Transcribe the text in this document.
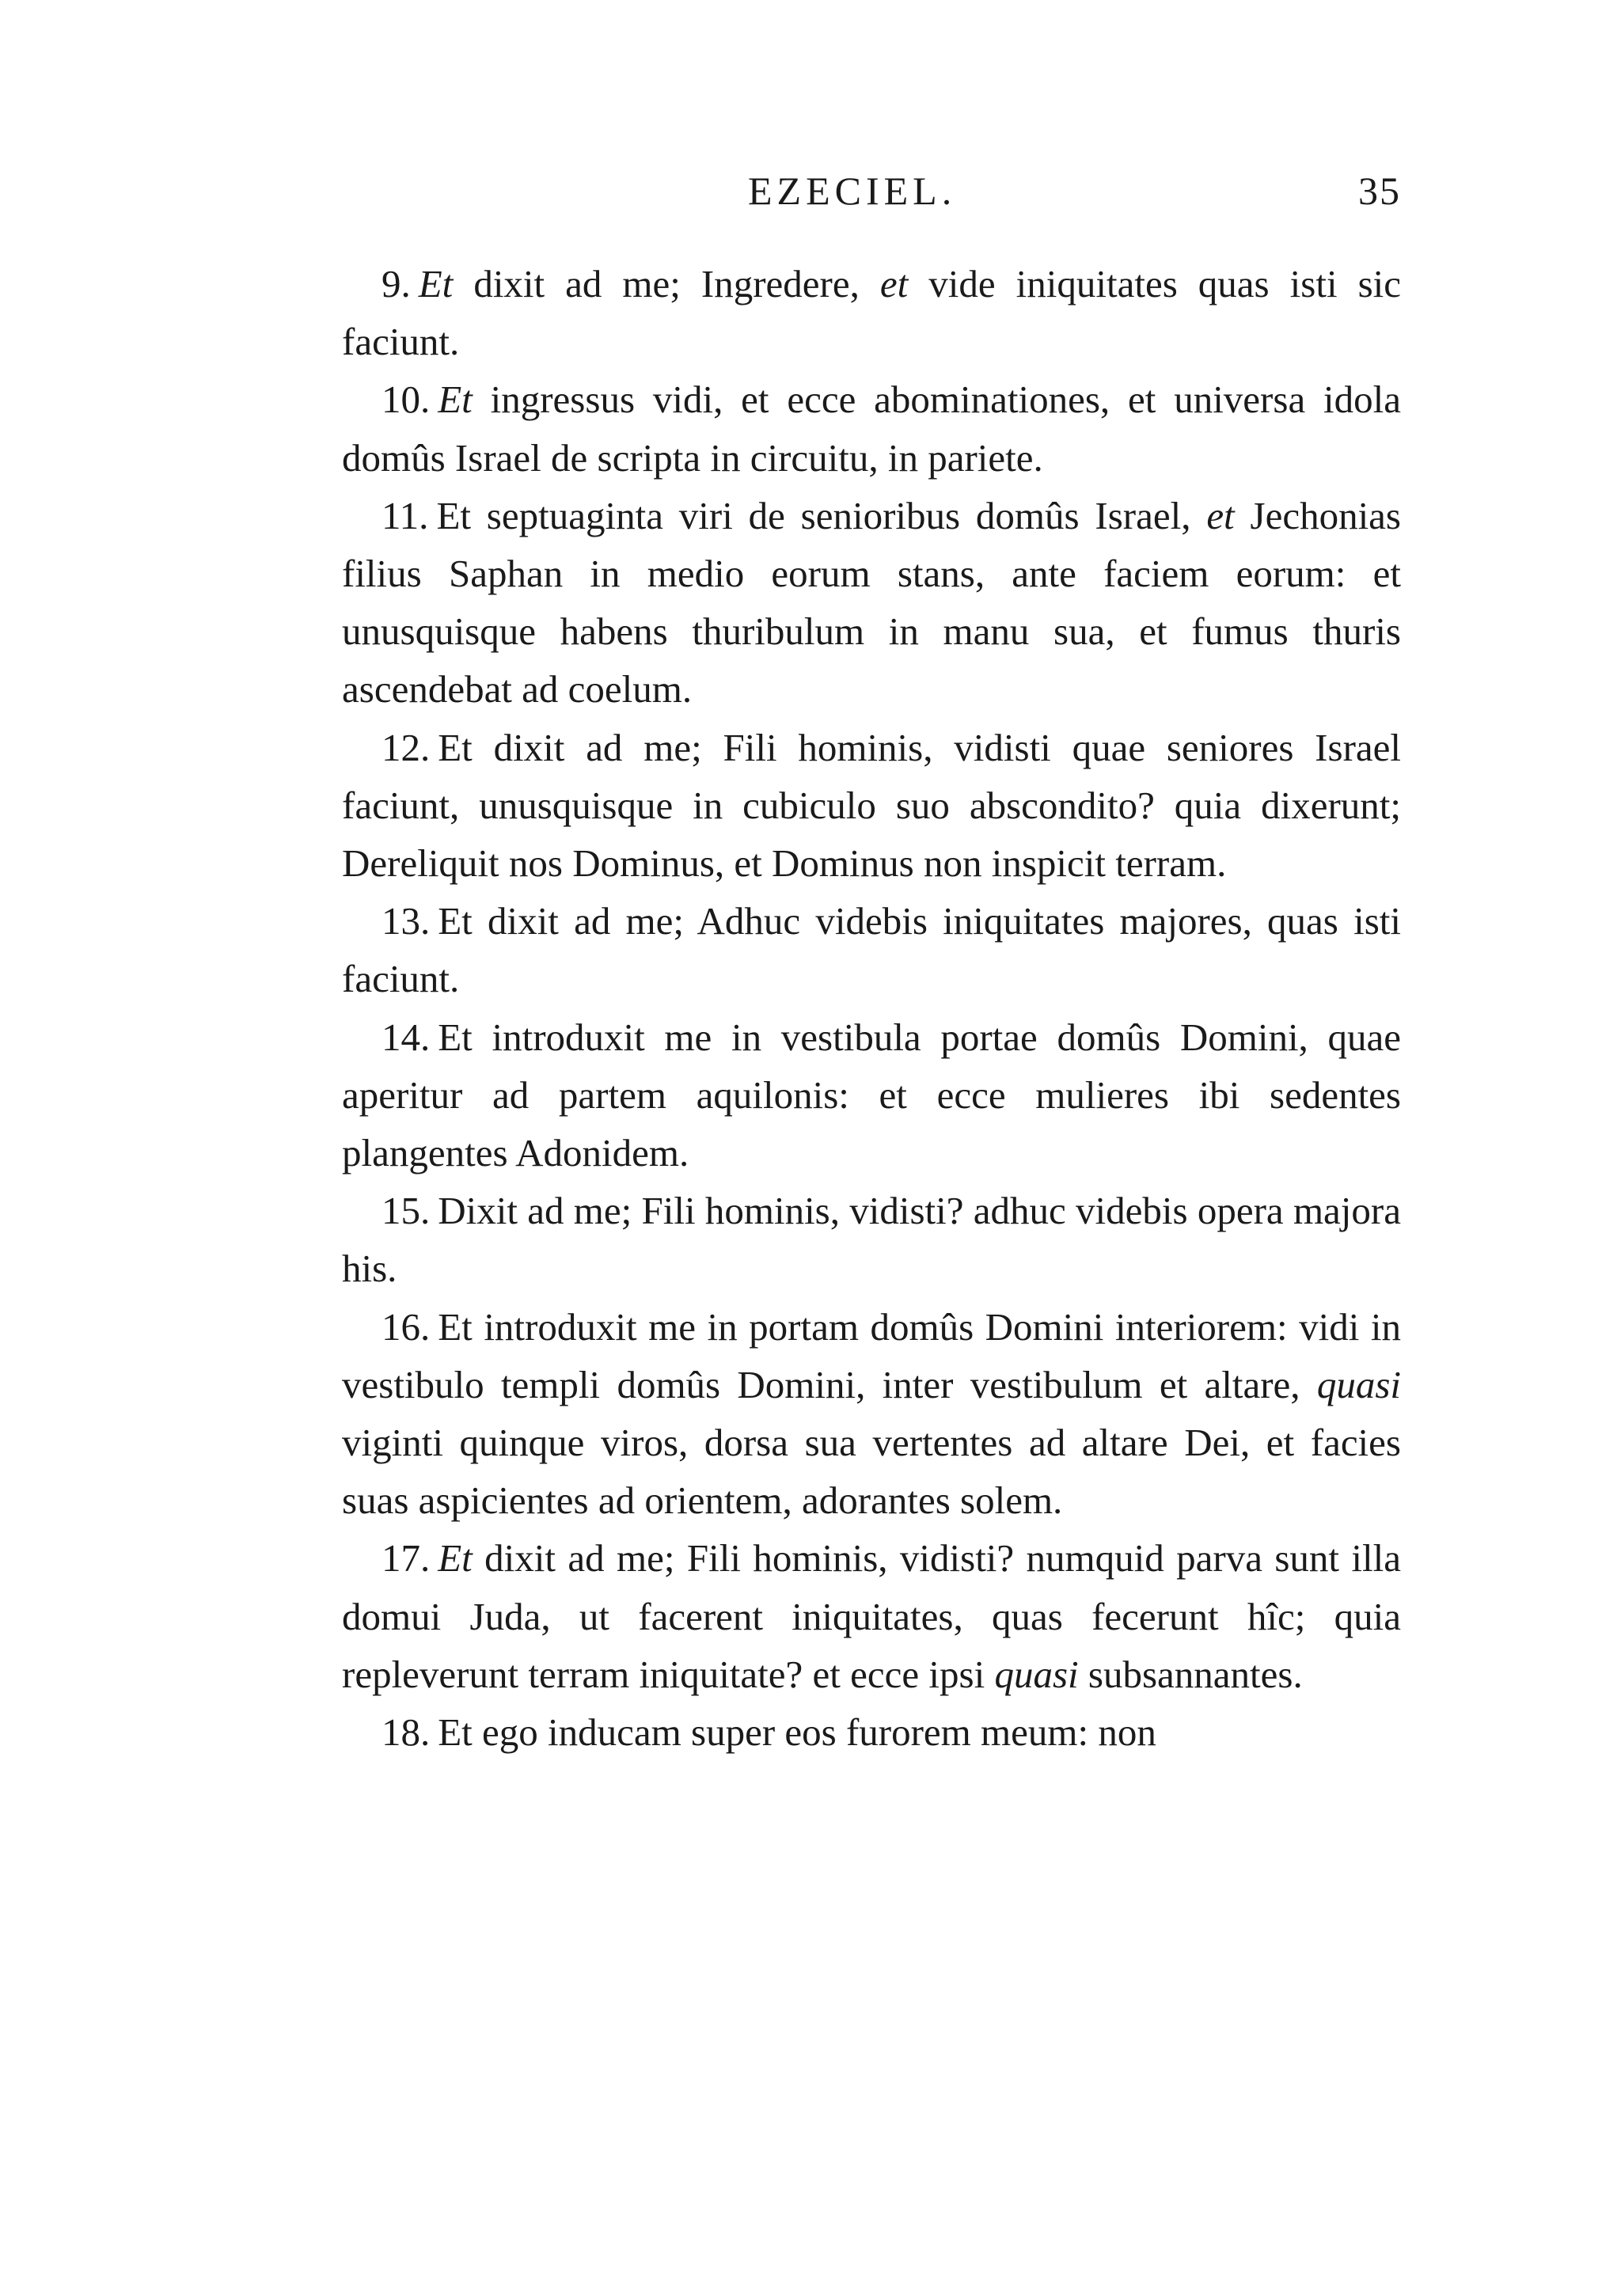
EZECIEL.	35

9. Et dixit ad me; Ingredere, et vide iniquitates quas isti sic faciunt.

10. Et ingressus vidi, et ecce abominationes, et universa idola domûs Israel de scripta in circuitu, in pariete.

11. Et septuaginta viri de senioribus domûs Israel, et Jechonias filius Saphan in medio eorum stans, ante faciem eorum: et unusquisque habens thuribulum in manu sua, et fumus thuris ascendebat ad coelum.

12. Et dixit ad me; Fili hominis, vidisti quae seniores Israel faciunt, unusquisque in cubiculo suo abscondito? quia dixerunt; Dereliquit nos Dominus, et Dominus non inspicit terram.

13. Et dixit ad me; Adhuc videbis iniquitates majores, quas isti faciunt.

14. Et introduxit me in vestibula portae domûs Domini, quae aperitur ad partem aquilonis: et ecce mulieres ibi sedentes plangentes Adonidem.

15. Dixit ad me; Fili hominis, vidisti? adhuc videbis opera majora his.

16. Et introduxit me in portam domûs Domini interiorem: vidi in vestibulo templi domûs Domini, inter vestibulum et altare, quasi viginti quinque viros, dorsa sua vertentes ad altare Dei, et facies suas aspicientes ad orientem, adorantes solem.

17. Et dixit ad me; Fili hominis, vidisti? numquid parva sunt illa domui Juda, ut facerent iniquitates, quas fecerunt hîc; quia repleverunt terram iniquitate? et ecce ipsi quasi subsannantes.

18. Et ego inducam super eos furorem meum: non
